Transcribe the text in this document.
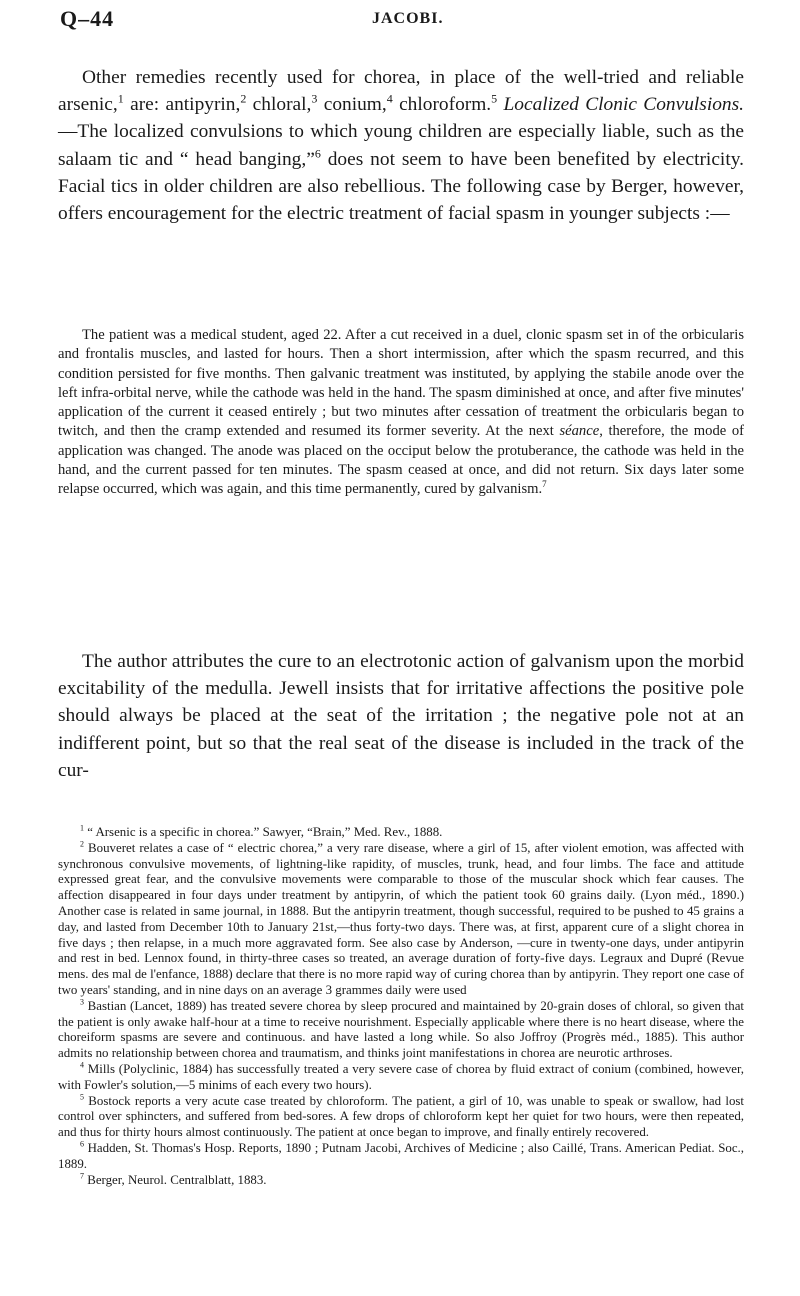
Q–44	JACOBI.

Other remedies recently used for chorea, in place of the well-tried and reliable arsenic,$^1$ are: antipyrin,$^2$ chloral,$^3$ conium,$^4$ chloroform.$^5$ Localized Clonic Convulsions.—The localized convulsions to which young children are especially liable, such as the salaam tic and “ head banging,”$^6$ does not seem to have been benefited by electricity. Facial tics in older children are also rebellious. The following case by Berger, however, offers encouragement for the electric treatment of facial spasm in younger subjects :—

The patient was a medical student, aged 22. After a cut received in a duel, clonic spasm set in of the orbicularis and frontalis muscles, and lasted for hours. Then a short intermission, after which the spasm recurred, and this condition persisted for five months. Then galvanic treatment was instituted, by applying the stabile anode over the left infra-orbital nerve, while the cathode was held in the hand. The spasm diminished at once, and after five minutes' application of the current it ceased entirely ; but two minutes after cessation of treatment the orbicularis began to twitch, and then the cramp extended and resumed its former severity. At the next séance, therefore, the mode of application was changed. The anode was placed on the occiput below the protuberance, the cathode was held in the hand, and the current passed for ten minutes. The spasm ceased at once, and did not return. Six days later some relapse occurred, which was again, and this time permanently, cured by galvanism.$^7$

The author attributes the cure to an electrotonic action of galvanism upon the morbid excitability of the medulla. Jewell insists that for irritative affections the positive pole should always be placed at the seat of the irritation ; the negative pole not at an indifferent point, but so that the real seat of the disease is included in the track of the cur-

$^1$ “ Arsenic is a specific in chorea.” Sawyer, “Brain,” Med. Rev., 1888.

$^2$ Bouveret relates a case of “ electric chorea,” a very rare disease, where a girl of 15, after violent emotion, was affected with synchronous convulsive movements, of lightning-like rapidity, of muscles, trunk, head, and four limbs. The face and attitude expressed great fear, and the convulsive movements were comparable to those of the muscular shock which fear causes. The affection disappeared in four days under treatment by antipyrin, of which the patient took 60 grains daily. (Lyon méd., 1890.) Another case is related in same journal, in 1888. But the antipyrin treatment, though successful, required to be pushed to 45 grains a day, and lasted from December 10th to January 21st,—thus forty-two days. There was, at first, apparent cure of a slight chorea in five days ; then relapse, in a much more aggravated form. See also case by Anderson, —cure in twenty-one days, under antipyrin and rest in bed. Lennox found, in thirty-three cases so treated, an average duration of forty-five days. Legraux and Dupré (Revue mens. des mal de l'enfance, 1888) declare that there is no more rapid way of curing chorea than by antipyrin. They report one case of two years' standing, and in nine days on an average 3 grammes daily were used

$^3$ Bastian (Lancet, 1889) has treated severe chorea by sleep procured and maintained by 20-grain doses of chloral, so given that the patient is only awake half-hour at a time to receive nourishment. Especially applicable where there is no heart disease, where the choreiform spasms are severe and continuous. and have lasted a long while. So also Joffroy (Progrès méd., 1885). This author admits no relationship between chorea and traumatism, and thinks joint manifestations in chorea are neurotic arthroses.

$^4$ Mills (Polyclinic, 1884) has successfully treated a very severe case of chorea by fluid extract of conium (combined, however, with Fowler's solution,—5 minims of each every two hours).

$^5$ Bostock reports a very acute case treated by chloroform. The patient, a girl of 10, was unable to speak or swallow, had lost control over sphincters, and suffered from bed-sores. A few drops of chloroform kept her quiet for two hours, were then repeated, and thus for thirty hours almost continuously. The patient at once began to improve, and finally entirely recovered.

$^6$ Hadden, St. Thomas's Hosp. Reports, 1890 ; Putnam Jacobi, Archives of Medicine ; also Caillé, Trans. American Pediat. Soc., 1889.

$^7$ Berger, Neurol. Centralblatt, 1883.
